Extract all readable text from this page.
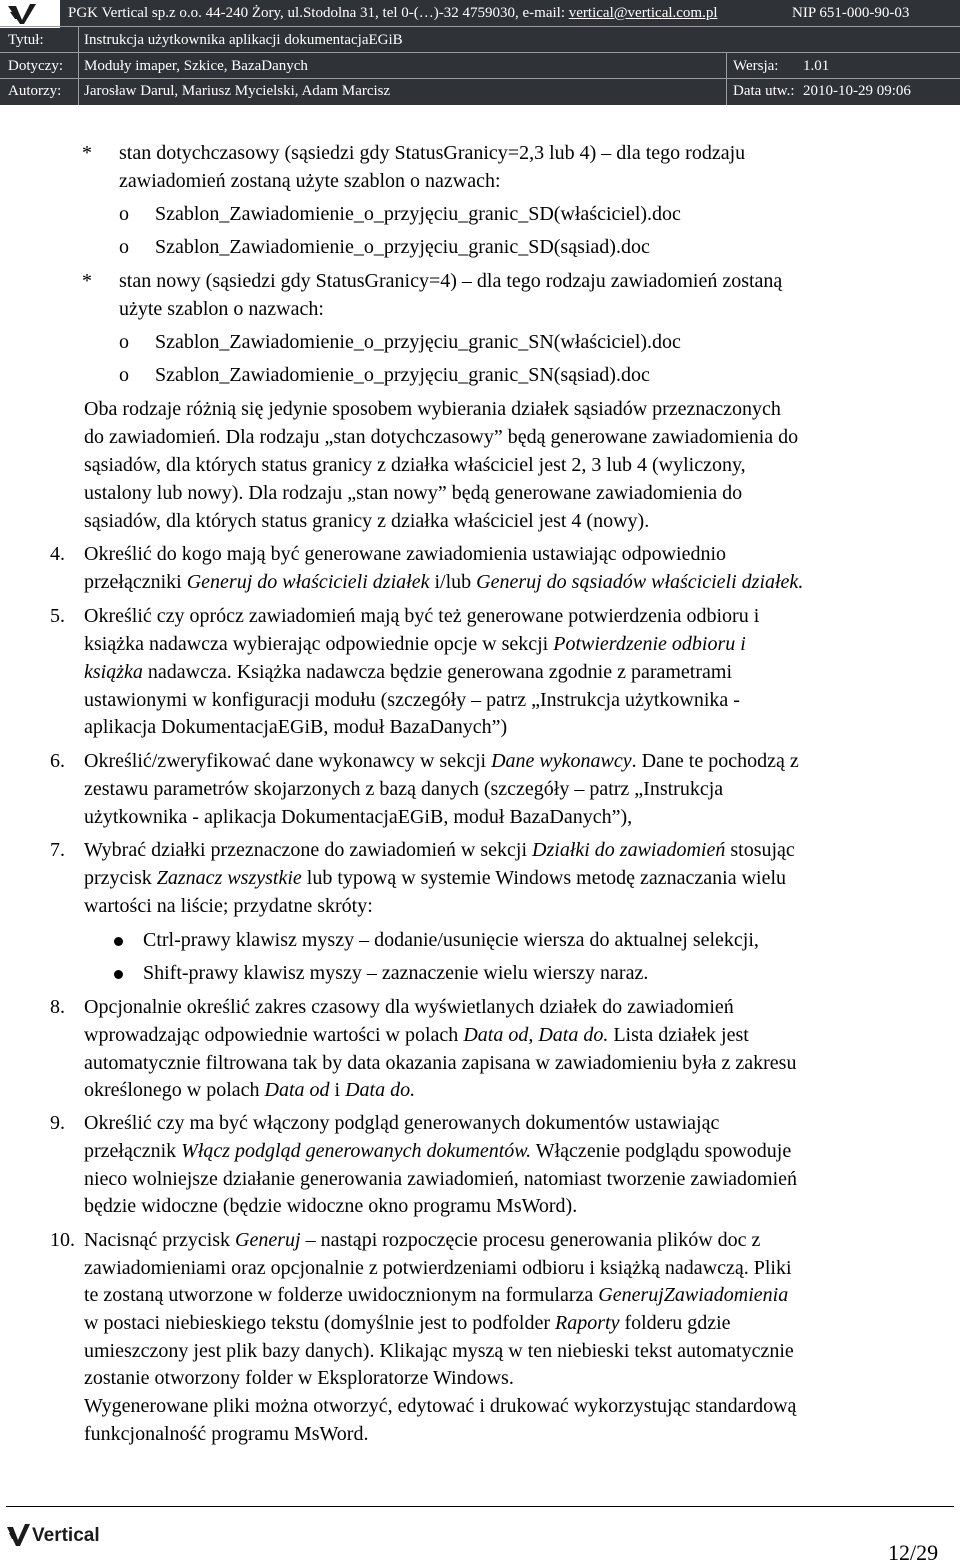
PGK Vertical sp.z o.o. 44-240 Żory, ul.Stodolna 31, tel 0-(…)-32 4759030, e-mail: vertical@vertical.com.pl	NIP 651-000-90-03
Tytuł:	Instrukcja użytkownika aplikacji dokumentacjaEGiB
Dotyczy: Moduły imaper, Szkice, BazaDanych	Wersja: 1.01
Autorzy: Jarosław Darul, Mariusz Mycielski, Adam Marcisz	Data utw.: 2010-10-29 09:06
* stan dotychczasowy (sąsiedzi gdy StatusGranicy=2,3 lub 4) – dla tego rodzaju
zawiadomień zostaną użyte szablon o nazwach:
o Szablon_Zawiadomienie_o_przyjęciu_granic_SD(właściciel).doc
o Szablon_Zawiadomienie_o_przyjęciu_granic_SD(sąsiad).doc
* stan nowy (sąsiedzi gdy StatusGranicy=4) – dla tego rodzaju zawiadomień zostaną
użyte szablon o nazwach:
o Szablon_Zawiadomienie_o_przyjęciu_granic_SN(właściciel).doc
o Szablon_Zawiadomienie_o_przyjęciu_granic_SN(sąsiad).doc
Oba rodzaje różnią się jedynie sposobem wybierania działek sąsiadów przeznaczonych
do zawiadomień. Dla rodzaju „stan dotychczasowy” będą generowane zawiadomienia do
sąsiadów, dla których status granicy z działka właściciel jest 2, 3 lub 4 (wyliczony,
ustalony lub nowy). Dla rodzaju „stan nowy” będą generowane zawiadomienia do
sąsiadów, dla których status granicy z działka właściciel jest 4 (nowy).
4. Określić do kogo mają być generowane zawiadomienia ustawiając odpowiednio
przełączniki Generuj do właścicieli działek i/lub Generuj do sąsiadów właścicieli działek.
5. Określić czy oprócz zawiadomień mają być też generowane potwierdzenia odbioru i
książka nadawcza wybierając odpowiednie opcje w sekcji Potwierdzenie odbioru i
książka nadawcza. Książka nadawcza będzie generowana zgodnie z parametrami
ustawionymi w konfiguracji modułu (szczegóły – patrz „Instrukcja użytkownika -
aplikacja DokumentacjaEGiB, moduł BazaDanych”)
6. Określić/zweryfikować dane wykonawcy w sekcji Dane wykonawcy. Dane te pochodzą z
zestawu parametrów skojarzonych z bazą danych (szczegóły – patrz „Instrukcja
użytkownika - aplikacja DokumentacjaEGiB, moduł BazaDanych”),
7. Wybrać działki przeznaczone do zawiadomień w sekcji Działki do zawiadomień stosując
przycisk Zaznacz wszystkie lub typową w systemie Windows metodę zaznaczania wielu
wartości na liście; przydatne skróty:
Ctrl-prawy klawisz myszy – dodanie/usunięcie wiersza do aktualnej selekcji,
Shift-prawy klawisz myszy – zaznaczenie wielu wierszy naraz.
8. Opcjonalnie określić zakres czasowy dla wyświetlanych działek do zawiadomień
wprowadzając odpowiednie wartości w polach Data od, Data do. Lista działek jest
automatycznie filtrowana tak by data okazania zapisana w zawiadomieniu była z zakresu
określonego w polach Data od i Data do.
9. Określić czy ma być włączony podgląd generowanych dokumentów ustawiając
przełącznik Włącz podgląd generowanych dokumentów. Włączenie podglądu spowoduje
nieco wolniejsze działanie generowania zawiadomień, natomiast tworzenie zawiadomień
będzie widoczne (będzie widoczne okno programu MsWord).
10. Nacisnąć przycisk Generuj – nastąpi rozpoczęcie procesu generowania plików doc z
zawiadomieniami oraz opcjonalnie z potwierdzeniami odbioru i książką nadawczą. Pliki
te zostaną utworzone w folderze uwidocznionym na formularza GenerujZawiadomienia
w postaci niebieskiego tekstu (domyślnie jest to podfolder Raporty folderu gdzie
umieszczony jest plik bazy danych). Klikając myszą w ten niebieski tekst automatycznie
zostanie otworzony folder w Eksploratorze Windows.
Wygenerowane pliki można otworzyć, edytować i drukować wykorzystując standardową
funkcjonalność programu MsWord.
Vertical
12/29
